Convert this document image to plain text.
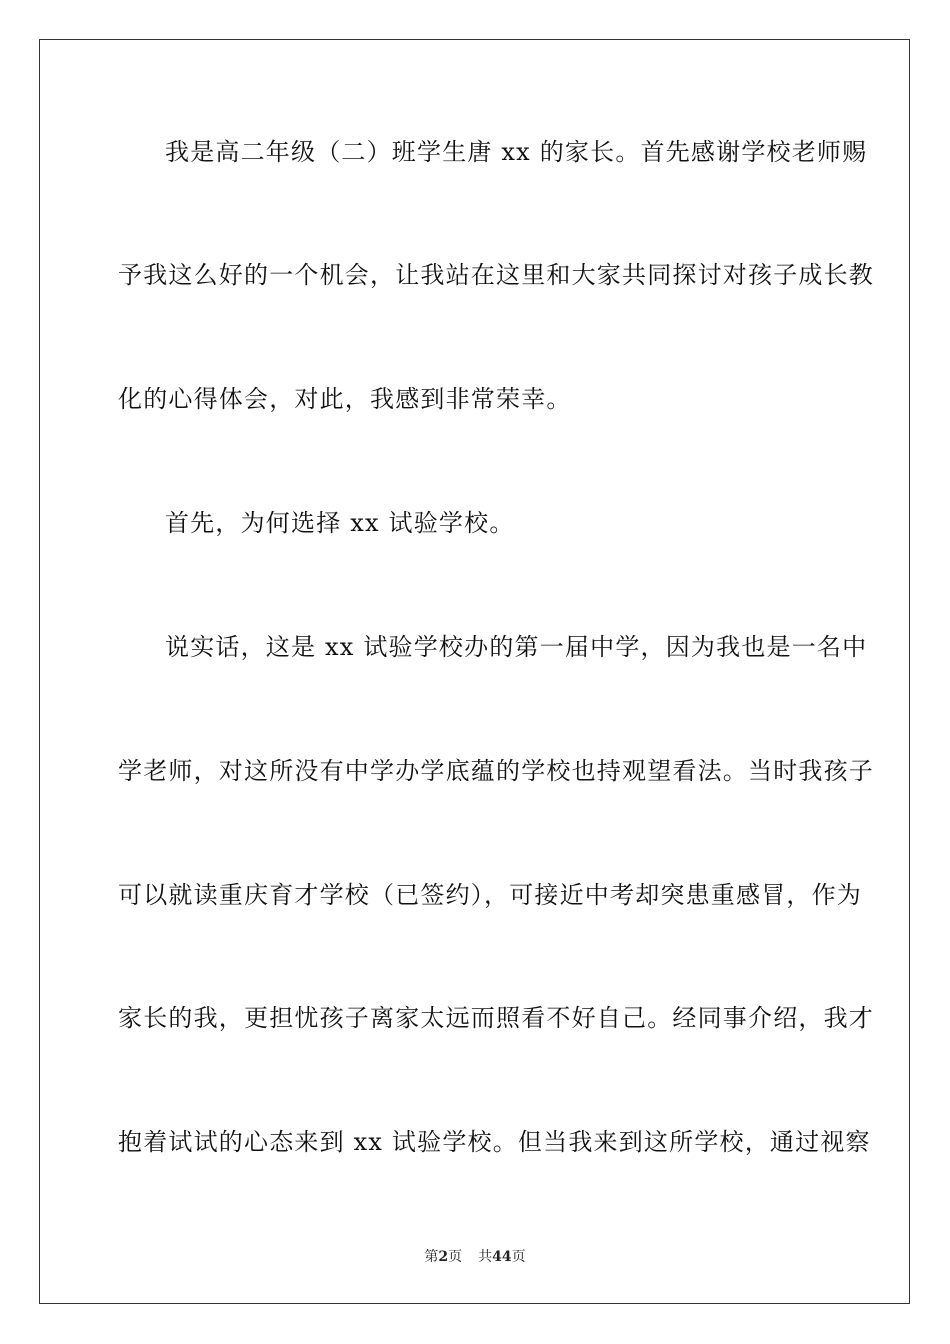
我是高二年级（二）班学生唐 xx 的家长。首先感谢学校老师赐
予我这么好的一个机会，让我站在这里和大家共同探讨对孩子成长教
化的心得体会，对此，我感到非常荣幸。
首先，为何选择 xx 试验学校。
说实话，这是 xx 试验学校办的第一届中学，因为我也是一名中
学老师，对这所没有中学办学底蕴的学校也持观望看法。当时我孩子
可以就读重庆育才学校（已签约），可接近中考却突患重感冒，作为
家长的我，更担忧孩子离家太远而照看不好自己。经同事介绍，我才
抱着试试的心态来到 xx 试验学校。但当我来到这所学校，通过视察
第2页 共44页
